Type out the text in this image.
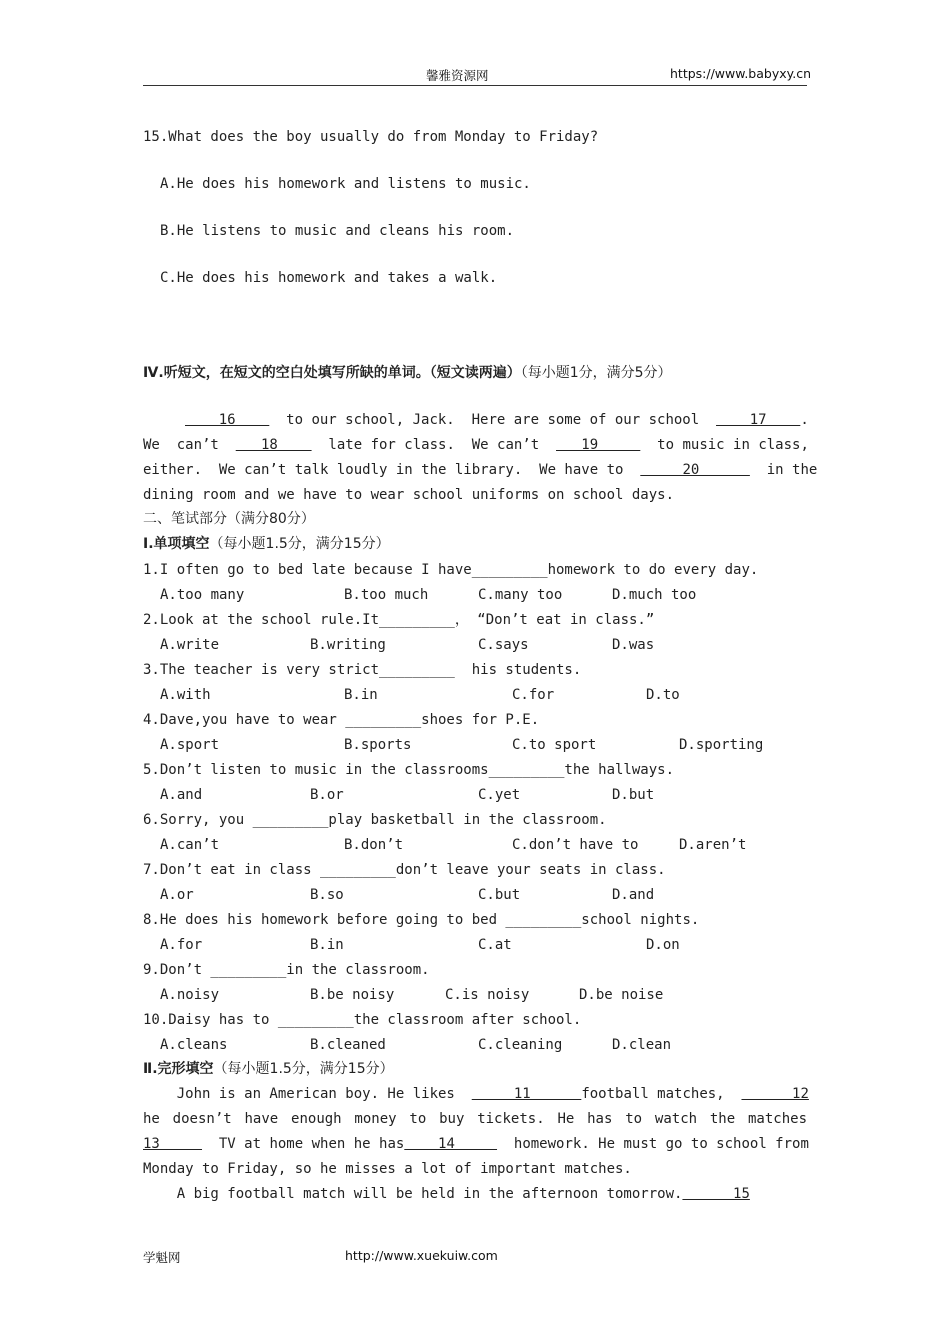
馨雅资源网	https://www.babyxy.cn
15.What does the boy usually do from Monday to Friday?
A.He does his homework and listens to music.
B.He listens to music and cleans his room.
C.He does his homework and takes a walk.
Ⅳ.听短文，在短文的空白处填写所缺的单词。（短文读两遍）（每小题1分，满分5分）
16      to our school, Jack.  Here are some of our school      17    .
We  can’t     18      late for class.  We can’t     19       to music in class,
either.  We can’t talk loudly in the library.  We have to       20        in the
dining room and we have to wear school uniforms on school days.
二、笔试部分（满分80分）
Ⅰ.单项填空（每小题1.5分，满分15分）
1.I often go to bed late because I have_________homework to do every day.
A.too many	B.too much	C.many too	D.much too
2.Look at the school rule.It_________， “Don’t eat in class.”
A.write	B.writing	C.says	D.was
3.The teacher is very strict_________  his students.
A.with	B.in	C.for	D.to
4.Dave,you have to wear _________shoes for P.E.
A.sport	B.sports	C.to sport	D.sporting
5.Don’t listen to music in the classrooms_________the hallways.
A.and	B.or	C.yet	D.but
6.Sorry, you _________play basketball in the classroom.
A.can’t	B.don’t	C.don’t have to	D.aren’t
7.Don’t eat in class _________don’t leave your seats in class.
A.or	B.so	C.but	D.and
8.He does his homework before going to bed _________school nights.
A.for	B.in	C.at	D.on
9.Don’t _________in the classroom.
A.noisy	B.be noisy	C.is noisy	D.be noise
10.Daisy has to _________the classroom after school.
A.cleans	B.cleaned	C.cleaning	D.clean
Ⅱ.完形填空（每小题1.5分，满分15分）
John is an American boy. He likes       11      football matches,        12
he doesn’t have enough money to buy tickets. He has to watch the matches
13       TV at home when he has    14       homework. He must go to school from
Monday to Friday, so he misses a lot of important matches.
A big football match will be held in the afternoon tomorrow.      15
学魁网	http://www.xuekuiw.com
